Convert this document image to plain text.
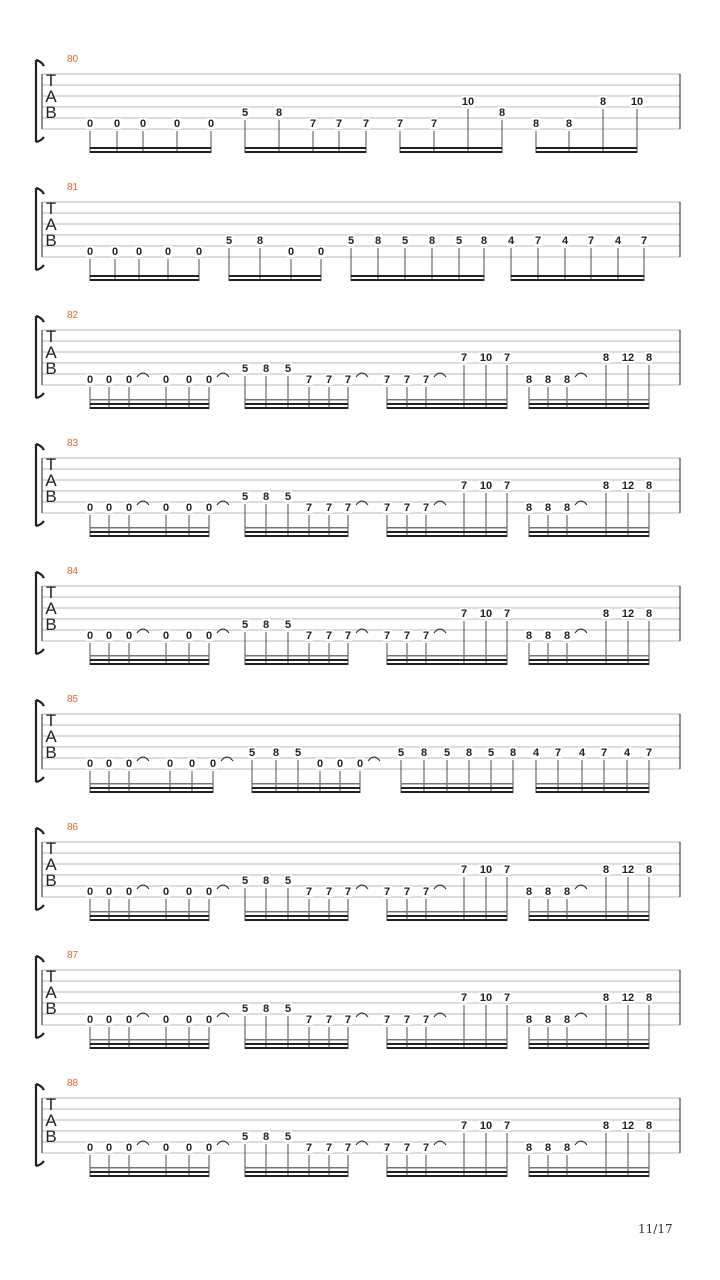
80
T
A
B
0 0 0	0	0
5	8
7 7 7	7	7
10
8
8 8
8 10
81
T
A
B
0 0 0 0 0
5 8
0 0
5 8 5 8 5 8 4 7 4 7 4 7
82
T
A
B
0 0 0	0 0 0
5 8 5
7 7 7	7 7 7
7 10 7
8 8 8
8 12 8
83
T
A
B
0 0 0	0 0 0
5 8 5
7 7 7	7 7 7
7 10 7
8 8 8
8 12 8
84
T
A
B
0 0 0	0 0 0
5 8 5
7 7 7	7 7 7
7 10 7
8 8 8
8 12 8
85
T
A
B
0 0 0	0 0 0
5 8 5
0 0 0
5 8 5 8 5 8 4 7 4 7 4 7
86
T
A
B
0 0 0	0 0 0
5 8 5
7 7 7	7 7 7
7 10 7
8 8 8
8 12 8
87
T
A
B
0 0 0	0 0 0
5 8 5
7 7 7	7 7 7
7 10 7
8 8 8
8 12 8
88
T
A
B
0 0 0	0 0 0
5 8 5
7 7 7	7 7 7
7 10 7
8 8 8
8 12 8
11/17
